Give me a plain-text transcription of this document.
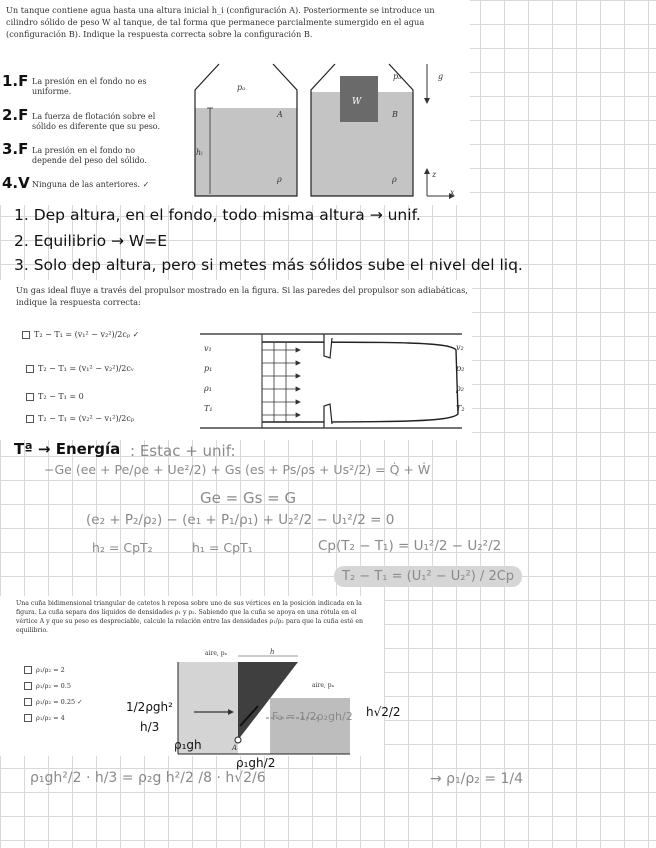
Un tanque contiene agua hasta una altura inicial h_i (configuración A). Posteriormente se introduce un cilindro sólido de peso W al tanque, de tal forma que permanece parcialmente sumergido en el agua (configuración B). Indique la respuesta correcta sobre la configuración B.
1.F La presión en el fondo no es uniforme.
2.F La fuerza de flotación sobre el sólido es diferente que su peso.
3.F La presión en el fondo no depende del peso del sólido.
4.V Ninguna de las anteriores. ✓
pₐ
A
hᵢ
ρ
pₐ
W
B
ρ
g
z
x
1. Dep altura, en el fondo, todo misma altura → unif.
2. Equilibrio → W=E
3. Solo dep altura, pero si metes más sólidos sube el nivel del liq.
Un gas ideal fluye a través del propulsor mostrado en la figura. Si las paredes del propulsor son adiabáticas, indique la respuesta correcta:
T₂ − T₁ = (v₁² − v₂²)/2cₚ ✓
T₂ − T₁ = (v₁² − v₂²)/2cᵥ
T₂ − T₁ = 0
T₂ − T₁ = (v₂² − v₁²)/2cₚ
v₁
p₁
ρ₁
T₁
v₂
p₂
ρ₂
T₂
Tª → Energía : Estac + unif:
−Ge (ee + Pe/ρe + Ue²/2) + Gs (es + Ps/ρs + Us²/2) = Q̇ + Ẇ
Ge = Gs = G
(e₂ + P₂/ρ₂) − (e₁ + P₁/ρ₁) + U₂²/2 − U₁²/2 = 0
h₂ = CpT₂	h₁ = CpT₁	Cp(T₂ − T₁) = U₁²/2 − U₂²/2
T₂ − T₁ = (U₁² − U₂²) / 2Cp
Una cuña bidimensional triangular de catetos h reposa sobre uno de sus vértices en la posición indicada en la figura. La cuña separa dos líquidos de densidades ρ₁ y ρ₂. Sabiendo que la cuña se apoya en una rótula en el vértice A y que su peso es despreciable, calcule la relación entre las densidades ρ₁/ρ₂ para que la cuña esté en equilibrio.
ρ₁/ρ₂ = 2
ρ₁/ρ₂ = 0.5
ρ₁/ρ₂ = 0.25 ✓
ρ₁/ρ₂ = 4
aire, pₐ	h
aire, pₐ
A
1/2ρgh²
h/3
ρ₁gh
F₂ = 1/2ρ₂gh/2 h√2/2
ρ₁gh/2
ρ₁gh²/2 · h/3 = ρ₂g h²/2 /8 · h√2/6	→ ρ₁/ρ₂ = 1/4
